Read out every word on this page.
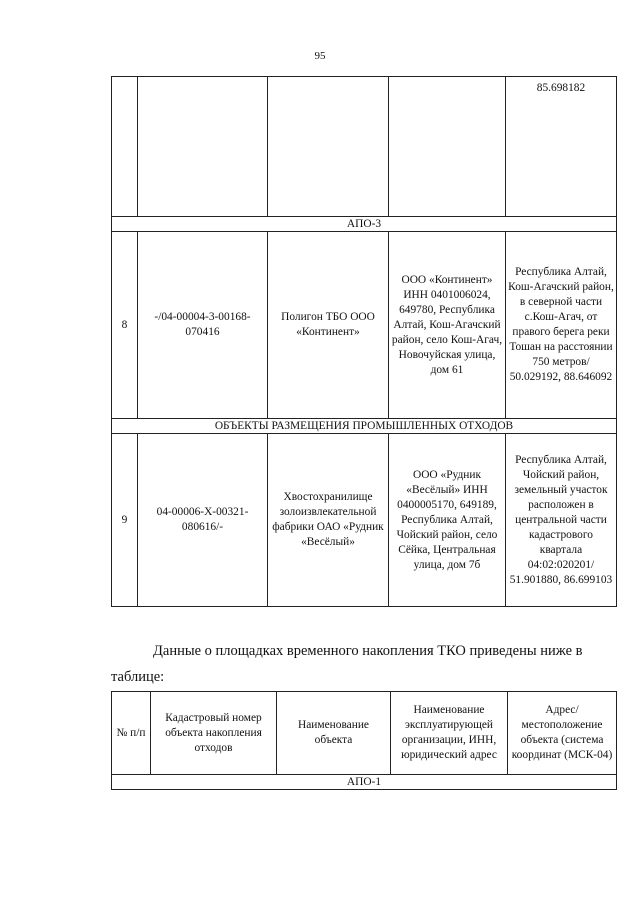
95
				85.698182
АПО-3				
8	-/04-00004-3-00168-070416	Полигон ТБО ООО «Континент»	ООО «Континент» ИНН 0401006024, 649780, Республика Алтай, Кош-Агачский район, село Кош-Агач, Новочуйская улица, дом 61	Республика Алтай, Кош-Агачский район, в северной части с.Кош-Агач, от правого берега реки Тошан на расстоянии 750 метров/ 50.029192, 88.646092
ОБЪЕКТЫ РАЗМЕЩЕНИЯ ПРОМЫШЛЕННЫХ ОТХОДОВ				
9	04-00006-Х-00321-080616/-	Хвостохранилище золоизвлекательной фабрики ОАО «Рудник «Весёлый»	ООО «Рудник «Весёлый» ИНН 0400005170, 649189, Республика Алтай, Чойский район, село Сёйка, Центральная улица, дом 7б	Республика Алтай, Чойский район, земельный участок расположен в центральной части кадастрового квартала 04:02:020201/ 51.901880, 86.699103
Данные о площадках временного накопления ТКО приведены ниже в
таблице:
№ п/п	Кадастровый номер объекта накопления отходов	Наименование объекта	Наименование эксплуатирующей организации, ИНН, юридический адрес	Адрес/ местоположение объекта (система координат (МСК-04)
АПО-1
